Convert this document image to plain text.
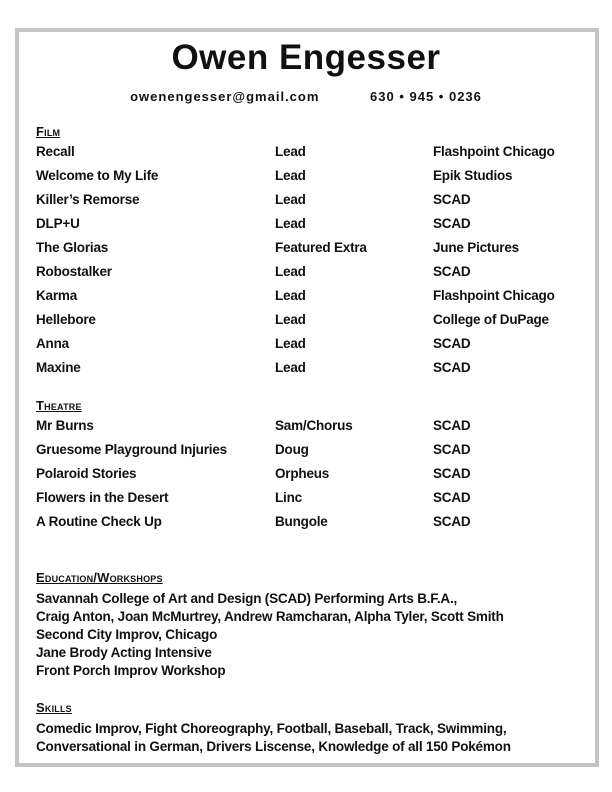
Owen Engesser
owenengesser@gmail.com	630 • 945 • 0236
Film
Recall	Lead	Flashpoint Chicago
Welcome to My Life	Lead	Epik Studios
Killer’s Remorse	Lead	SCAD
DLP+U	Lead	SCAD
The Glorias	Featured Extra	June Pictures
Robostalker	Lead	SCAD
Karma	Lead	Flashpoint Chicago
Hellebore	Lead	College of DuPage
Anna	Lead	SCAD
Maxine	Lead	SCAD
Theatre
Mr Burns	Sam/Chorus	SCAD
Gruesome Playground Injuries	Doug	SCAD
Polaroid Stories	Orpheus	SCAD
Flowers in the Desert	Linc	SCAD
A Routine Check Up	Bungole	SCAD
Education/Workshops
Savannah College of Art and Design (SCAD) Performing Arts B.F.A.,
Craig Anton, Joan McMurtrey, Andrew Ramcharan, Alpha Tyler, Scott Smith
Second City Improv, Chicago
Jane Brody Acting Intensive
Front Porch Improv Workshop
Skills
Comedic Improv, Fight Choreography, Football, Baseball, Track, Swimming,
Conversational in German, Drivers Liscense, Knowledge of all 150 Pokémon
